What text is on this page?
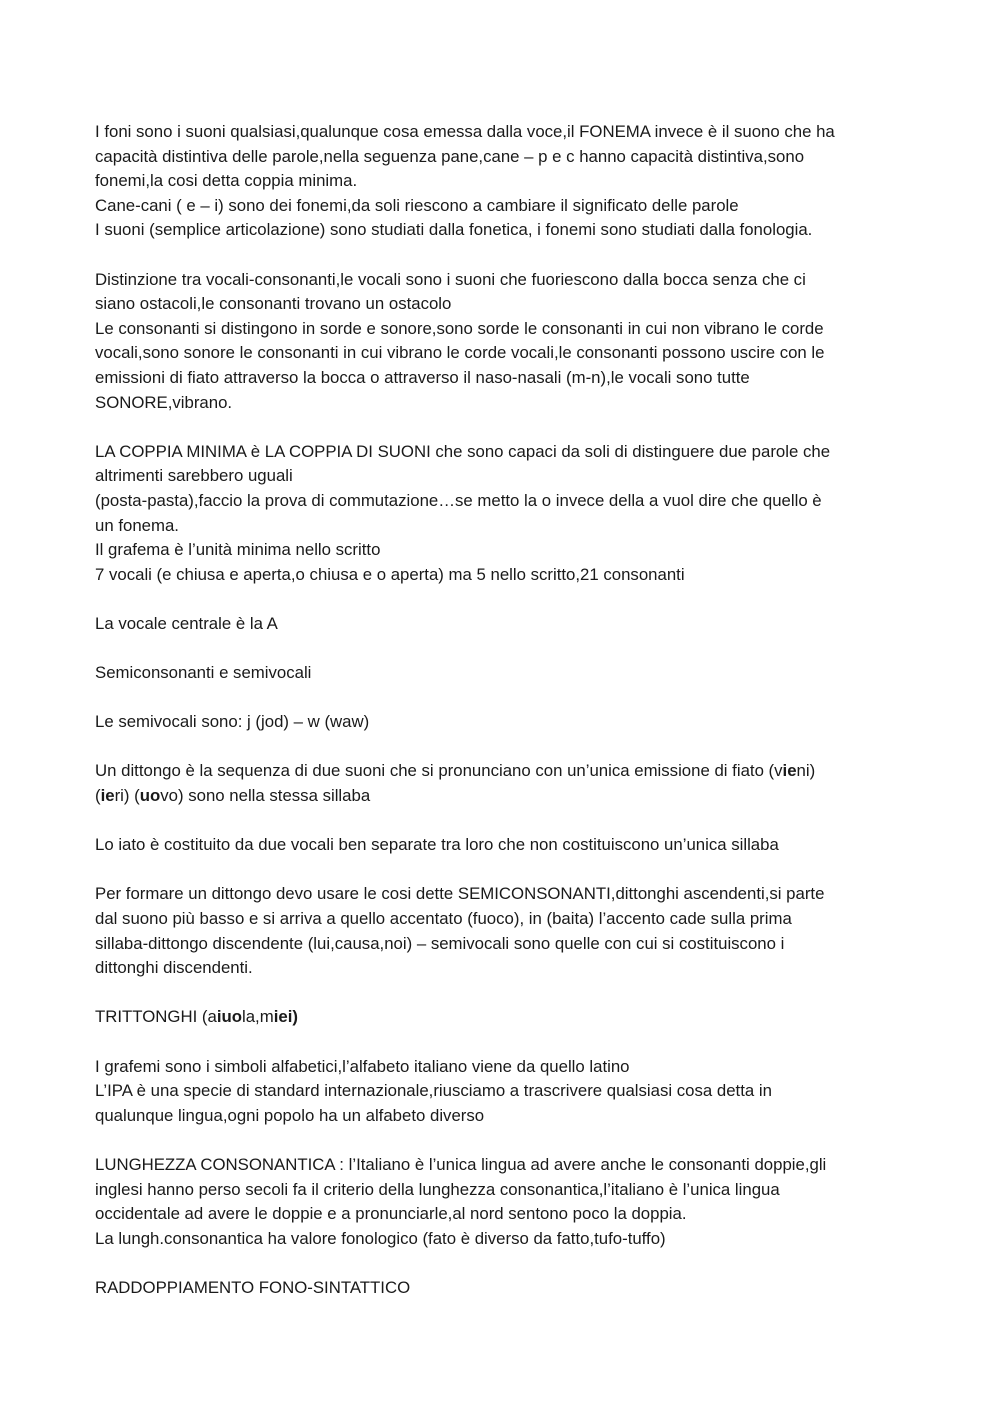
I foni sono i suoni qualsiasi,qualunque cosa emessa dalla voce,il FONEMA invece è il suono che ha
capacità distintiva delle parole,nella seguenza pane,cane – p e c hanno capacità distintiva,sono
fonemi,la cosi detta coppia minima.
Cane-cani ( e – i) sono dei fonemi,da soli riescono a cambiare il significato delle parole
I suoni (semplice articolazione) sono studiati dalla fonetica, i fonemi sono studiati dalla fonologia.
Distinzione tra vocali-consonanti,le vocali sono i suoni che fuoriescono dalla bocca senza che ci
siano ostacoli,le consonanti trovano un ostacolo
Le consonanti si distingono in sorde e sonore,sono sorde le consonanti in cui non vibrano le corde
vocali,sono sonore le consonanti in cui vibrano le corde vocali,le consonanti possono uscire con le
emissioni di fiato attraverso la bocca o attraverso il naso-nasali (m-n),le vocali sono tutte
SONORE,vibrano.
LA COPPIA MINIMA è LA COPPIA DI SUONI che sono capaci da soli di distinguere due parole che
altrimenti sarebbero uguali
(posta-pasta),faccio la prova di commutazione…se metto la o invece della a vuol dire che quello è
un fonema.
Il grafema è l’unità minima nello scritto
7 vocali (e chiusa e aperta,o chiusa e o aperta) ma 5 nello scritto,21 consonanti
La vocale centrale è la A
Semiconsonanti e semivocali
Le semivocali sono: j (jod) – w (waw)
Un dittongo è la sequenza di due suoni che si pronunciano con un’unica emissione di fiato (vieni)
(ieri) (uovo) sono nella stessa sillaba
Lo iato è costituito da due vocali ben separate tra loro che non costituiscono un’unica sillaba
Per formare un dittongo devo usare le cosi dette SEMICONSONANTI,dittonghi ascendenti,si parte
dal suono più basso e si arriva a quello accentato (fuoco), in (baita) l’accento cade sulla prima
sillaba-dittongo discendente (lui,causa,noi) – semivocali sono quelle con cui si costituiscono i
dittonghi discendenti.
TRITTONGHI (aiuola,miei)
I grafemi sono i simboli alfabetici,l’alfabeto italiano viene da quello latino
L’IPA è una specie di standard internazionale,riusciamo a trascrivere qualsiasi cosa detta in
qualunque lingua,ogni popolo ha un alfabeto diverso
LUNGHEZZA CONSONANTICA : l’Italiano è l’unica lingua ad avere anche le consonanti doppie,gli
inglesi hanno perso secoli fa il criterio della lunghezza consonantica,l’italiano è l’unica lingua
occidentale ad avere le doppie e a pronunciarle,al nord sentono poco la doppia.
La lungh.consonantica ha valore fonologico (fato è diverso da fatto,tufo-tuffo)
RADDOPPIAMENTO FONO-SINTATTICO
